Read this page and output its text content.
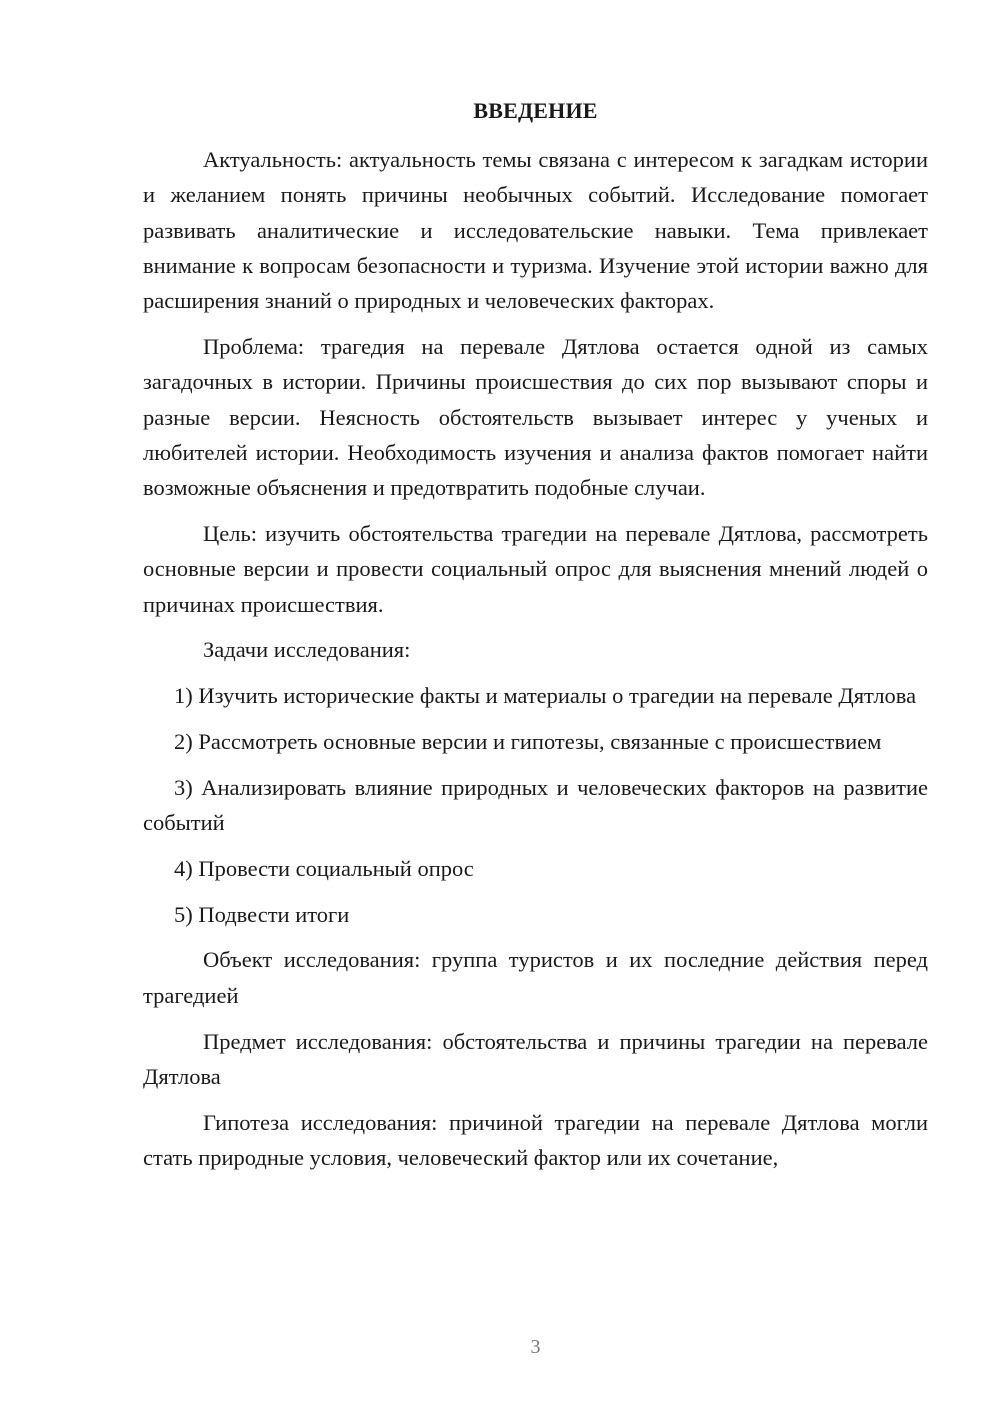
ВВЕДЕНИЕ

Актуальность: актуальность темы связана с интересом к загадкам истории и желанием понять причины необычных событий. Исследование помогает развивать аналитические и исследовательские навыки. Тема привлекает внимание к вопросам безопасности и туризма. Изучение этой истории важно для расширения знаний о природных и человеческих факторах.

Проблема: трагедия на перевале Дятлова остается одной из самых загадочных в истории. Причины происшествия до сих пор вызывают споры и разные версии. Неясность обстоятельств вызывает интерес у ученых и любителей истории. Необходимость изучения и анализа фактов помогает найти возможные объяснения и предотвратить подобные случаи.

Цель: изучить обстоятельства трагедии на перевале Дятлова, рассмотреть основные версии и провести социальный опрос для выяснения мнений людей о причинах происшествия.

Задачи исследования:

1) Изучить исторические факты и материалы о трагедии на перевале Дятлова

2) Рассмотреть основные версии и гипотезы, связанные с происшествием

3) Анализировать влияние природных и человеческих факторов на развитие событий

4) Провести социальный опрос

5) Подвести итоги

Объект исследования: группа туристов и их последние действия перед трагедией

Предмет исследования: обстоятельства и причины трагедии на перевале Дятлова

Гипотеза исследования: причиной трагедии на перевале Дятлова могли стать природные условия, человеческий фактор или их сочетание,

3
